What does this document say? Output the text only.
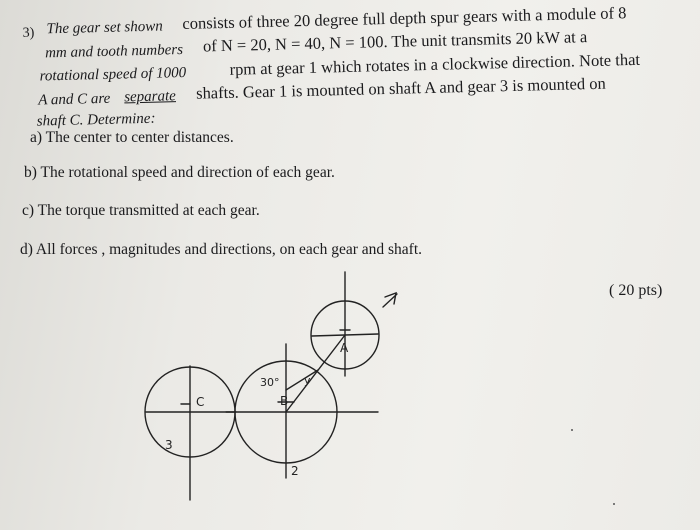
3) The gear set shown consists of three 20 degree full depth spur gears with a module of 8
mm and tooth numbers of N = 20, N = 40, N = 100. The unit transmits 20 kW at a
rotational speed of 1000	rpm at gear 1 which rotates in a clockwise direction. Note that
A and C are separate shafts. Gear 1 is mounted on shaft A and gear 3 is mounted on
shaft C. Determine:
a) The center to center distances.
b) The rotational speed and direction of each gear.
c) The torque transmitted at each gear.
d) All forces , magnitudes and directions, on each gear and shaft.
( 20 pts)
A
B
C
30°
3
2
y
